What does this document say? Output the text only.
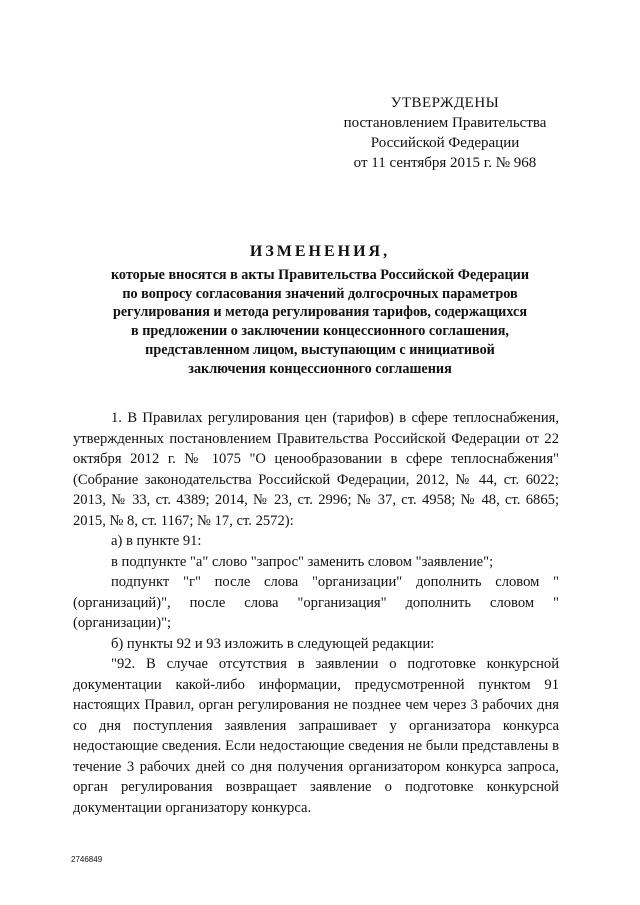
УТВЕРЖДЕНЫ
постановлением Правительства
Российской Федерации
от 11 сентября 2015 г. № 968
ИЗМЕНЕНИЯ,
которые вносятся в акты Правительства Российской Федерации
по вопросу согласования значений долгосрочных параметров
регулирования и метода регулирования тарифов, содержащихся
в предложении о заключении концессионного соглашения,
представленном лицом, выступающим с инициативой
заключения концессионного соглашения

1. В Правилах регулирования цен (тарифов) в сфере теплоснабжения, утвержденных постановлением Правительства Российской Федерации от 22 октября 2012 г. № 1075 "О ценообразовании в сфере теплоснабжения" (Собрание законодательства Российской Федерации, 2012, № 44, ст. 6022; 2013, № 33, ст. 4389; 2014, № 23, ст. 2996; № 37, ст. 4958; № 48, ст. 6865; 2015, № 8, ст. 1167; № 17, ст. 2572):

а) в пункте 91:

в подпункте "а" слово "запрос" заменить словом "заявление";

подпункт "г" после слова "организации" дополнить словом "(организаций)", после слова "организация" дополнить словом "(организации)";

б) пункты 92 и 93 изложить в следующей редакции:

"92. В случае отсутствия в заявлении о подготовке конкурсной документации какой-либо информации, предусмотренной пунктом 91 настоящих Правил, орган регулирования не позднее чем через 3 рабочих дня со дня поступления заявления запрашивает у организатора конкурса недостающие сведения. Если недостающие сведения не были представлены в течение 3 рабочих дней со дня получения организатором конкурса запроса, орган регулирования возвращает заявление о подготовке конкурсной документации организатору конкурса.

2746849
